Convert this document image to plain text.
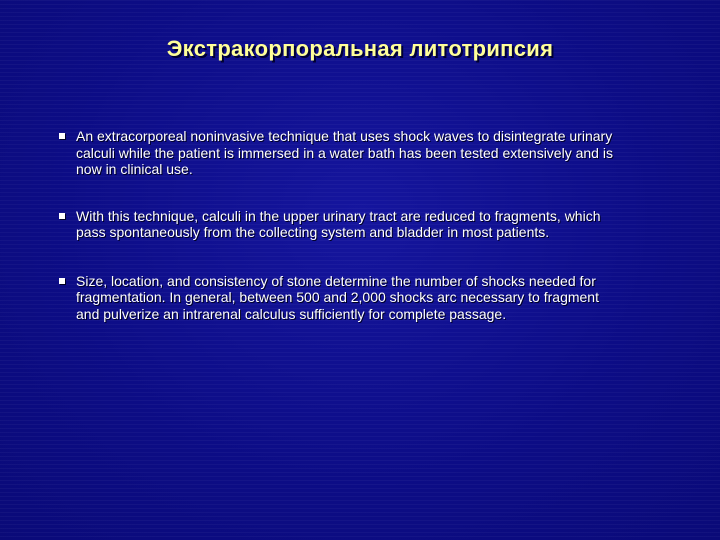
Экстракорпоральная литотрипсия
An extracorporeal noninvasive technique that uses shock waves to disintegrate urinary calculi while the patient is immersed in a water bath has been tested extensively and is now in clinical use.
With this technique, calculi in the upper urinary tract are reduced to fragments, which pass spontaneously from the collecting system and bladder in most patients.
Size, location, and consistency of stone determine the number of shocks needed for fragmentation. In general, between 500 and 2,000 shocks arc necessary to fragment and pulverize an intrarenal calculus sufficiently for complete passage.
